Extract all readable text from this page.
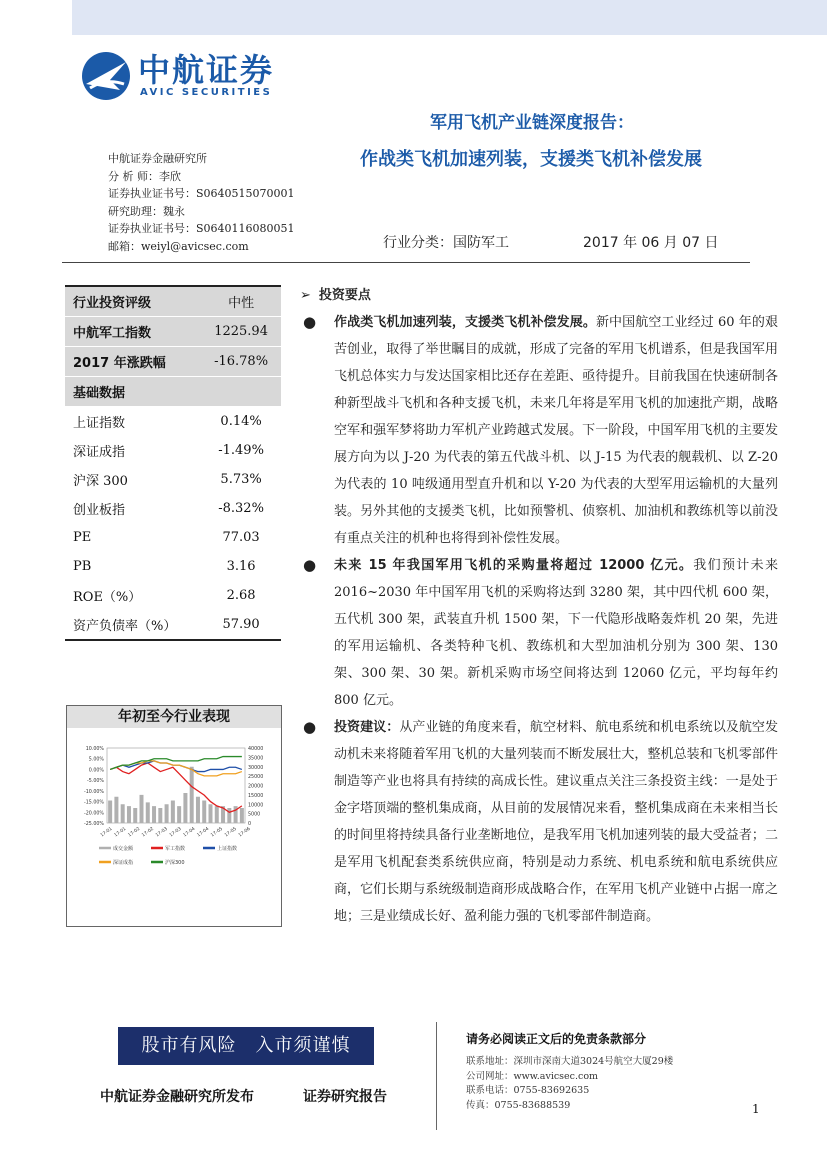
中航证券
AVIC SECURITIES
中航证券金融研究所
分 析 师：李欣
证券执业证书号：S0640515070001
研究助理：魏永
证券执业证书号：S0640116080051
邮箱：weiyl@avicsec.com
军用飞机产业链深度报告：
作战类飞机加速列装，支援类飞机补偿发展
行业分类：国防军工	2017 年 06 月 07 日
行业投资评级	中性
中航军工指数	1225.94
2017 年涨跌幅	-16.78%
基础数据	
上证指数	0.14%
深证成指	-1.49%
沪深 300	5.73%
创业板指	-8.32%
PE	77.03
PB	3.16
ROE（%）	2.68
资产负债率（%）	57.90
年初至今行业表现
10.00%
5.00%
0.00%
-5.00%
-10.00%
-15.00%
-20.00%
-25.00%
40000
35000
30000
25000
20000
15000
10000
5000
0
17-01 17-01 17-02 17-02 17-03 17-03 17-04 17-04 17-05 17-05 17-06
成交金额	军工指数	上证指数
深证成指	沪深300
➢ 投资要点
● 作战类飞机加速列装，支援类飞机补偿发展。新中国航空工业经过 60 年的艰苦创业，取得了举世瞩目的成就，形成了完备的军用飞机谱系，但是我国军用飞机总体实力与发达国家相比还存在差距、亟待提升。目前我国在快速研制各种新型战斗飞机和各种支援飞机，未来几年将是军用飞机的加速批产期，战略空军和强军梦将助力军机产业跨越式发展。下一阶段，中国军用飞机的主要发展方向为以 J-20 为代表的第五代战斗机、以 J-15 为代表的舰载机、以 Z-20 为代表的 10 吨级通用型直升机和以 Y-20 为代表的大型军用运输机的大量列装。另外其他的支援类飞机，比如预警机、侦察机、加油机和教练机等以前没有重点关注的机种也将得到补偿性发展。
● 未来 15 年我国军用飞机的采购量将超过 12000 亿元。我们预计未来 2016~2030 年中国军用飞机的采购将达到 3280 架，其中四代机 600 架，五代机 300 架，武装直升机 1500 架，下一代隐形战略轰炸机 20 架，先进的军用运输机、各类特种飞机、教练机和大型加油机分别为 300 架、130 架、300 架、30 架。新机采购市场空间将达到 12060 亿元，平均每年约 800 亿元。
● 投资建议：从产业链的角度来看，航空材料、航电系统和机电系统以及航空发动机未来将随着军用飞机的大量列装而不断发展壮大，整机总装和飞机零部件制造等产业也将具有持续的高成长性。建议重点关注三条投资主线：一是处于金字塔顶端的整机集成商，从目前的发展情况来看，整机集成商在未来相当长的时间里将持续具备行业垄断地位，是我军用飞机加速列装的最大受益者；二是军用飞机配套类系统供应商，特别是动力系统、机电系统和航电系统供应商，它们长期与系统级制造商形成战略合作，在军用飞机产业链中占据一席之地；三是业绩成长好、盈利能力强的飞机零部件制造商。
股市有风险　入市须谨慎
中航证券金融研究所发布	证券研究报告
请务必阅读正文后的免责条款部分
联系地址：深圳市深南大道3024号航空大厦29楼
公司网址：www.avicsec.com
联系电话：0755-83692635
传真：0755-83688539	1
